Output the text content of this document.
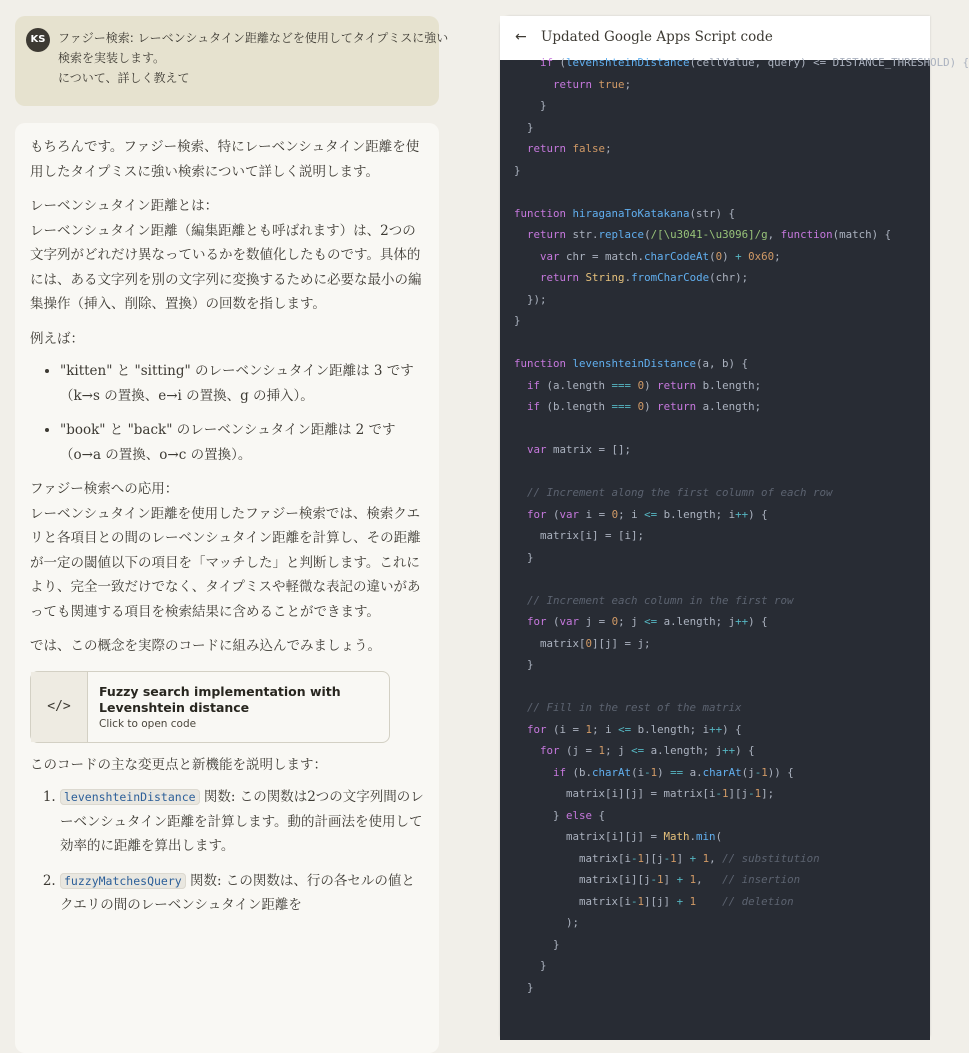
KS	ファジー検索: レーベンシュタイン距離などを使用してタイプミスに強い
検索を実装します。
について、詳しく教えて

もちろんです。ファジー検索、特にレーベンシュタイン距離を使用したタイプミスに強い検索について詳しく説明します。

レーベンシュタイン距離とは：

レーベンシュタイン距離（編集距離とも呼ばれます）は、2つの文字列がどれだけ異なっているかを数値化したものです。具体的には、ある文字列を別の文字列に変換するために必要な最小の編集操作（挿入、削除、置換）の回数を指します。

例えば：

• "kitten" と "sitting" のレーベンシュタイン距離は 3 です（k→s の置換、e→i の置換、g の挿入）。
• "book" と "back" のレーベンシュタイン距離は 2 です（o→a の置換、o→c の置換）。

ファジー検索への応用：

レーベンシュタイン距離を使用したファジー検索では、検索クエリと各項目との間のレーベンシュタイン距離を計算し、その距離が一定の閾値以下の項目を「マッチした」と判断します。これにより、完全一致だけでなく、タイプミスや軽微な表記の違いがあっても関連する項目を検索結果に含めることができます。

では、この概念を実際のコードに組み込んでみましょう。

</>
Fuzzy search implementation with Levenshtein distance
Click to open code

このコードの主な変更点と新機能を説明します：

1. levenshteinDistance 関数: この関数は2つの文字列間のレーベンシュタイン距離を計算します。動的計画法を使用して効率的に距離を算出します。
2. fuzzyMatchesQuery 関数: この関数は、行の各セルの値とクエリの間のレーベンシュタイン距離を
←	Updated Google Apps Script code
if (levenshteinDistance(cellValue, query) <= DISTANCE_THRESHOLD) {
return true;
}
}
return false;
}

function hiraganaToKatakana(str) {
return str.replace(/[\u3041-\u3096]/g, function(match) {
var chr = match.charCodeAt(0) + 0x60;
return String.fromCharCode(chr);
});
}

function levenshteinDistance(a, b) {
if (a.length === 0) return b.length;
if (b.length === 0) return a.length;

var matrix = [];

// Increment along the first column of each row
for (var i = 0; i <= b.length; i++) {
matrix[i] = [i];
}

// Increment each column in the first row
for (var j = 0; j <= a.length; j++) {
matrix[0][j] = j;
}

// Fill in the rest of the matrix
for (i = 1; i <= b.length; i++) {
for (j = 1; j <= a.length; j++) {
if (b.charAt(i-1) == a.charAt(j-1)) {
matrix[i][j] = matrix[i-1][j-1];
} else {
matrix[i][j] = Math.min(
matrix[i-1][j-1] + 1, // substitution
matrix[i][j-1] + 1,   // insertion
matrix[i-1][j] + 1 // deletion
);
}
}
}
